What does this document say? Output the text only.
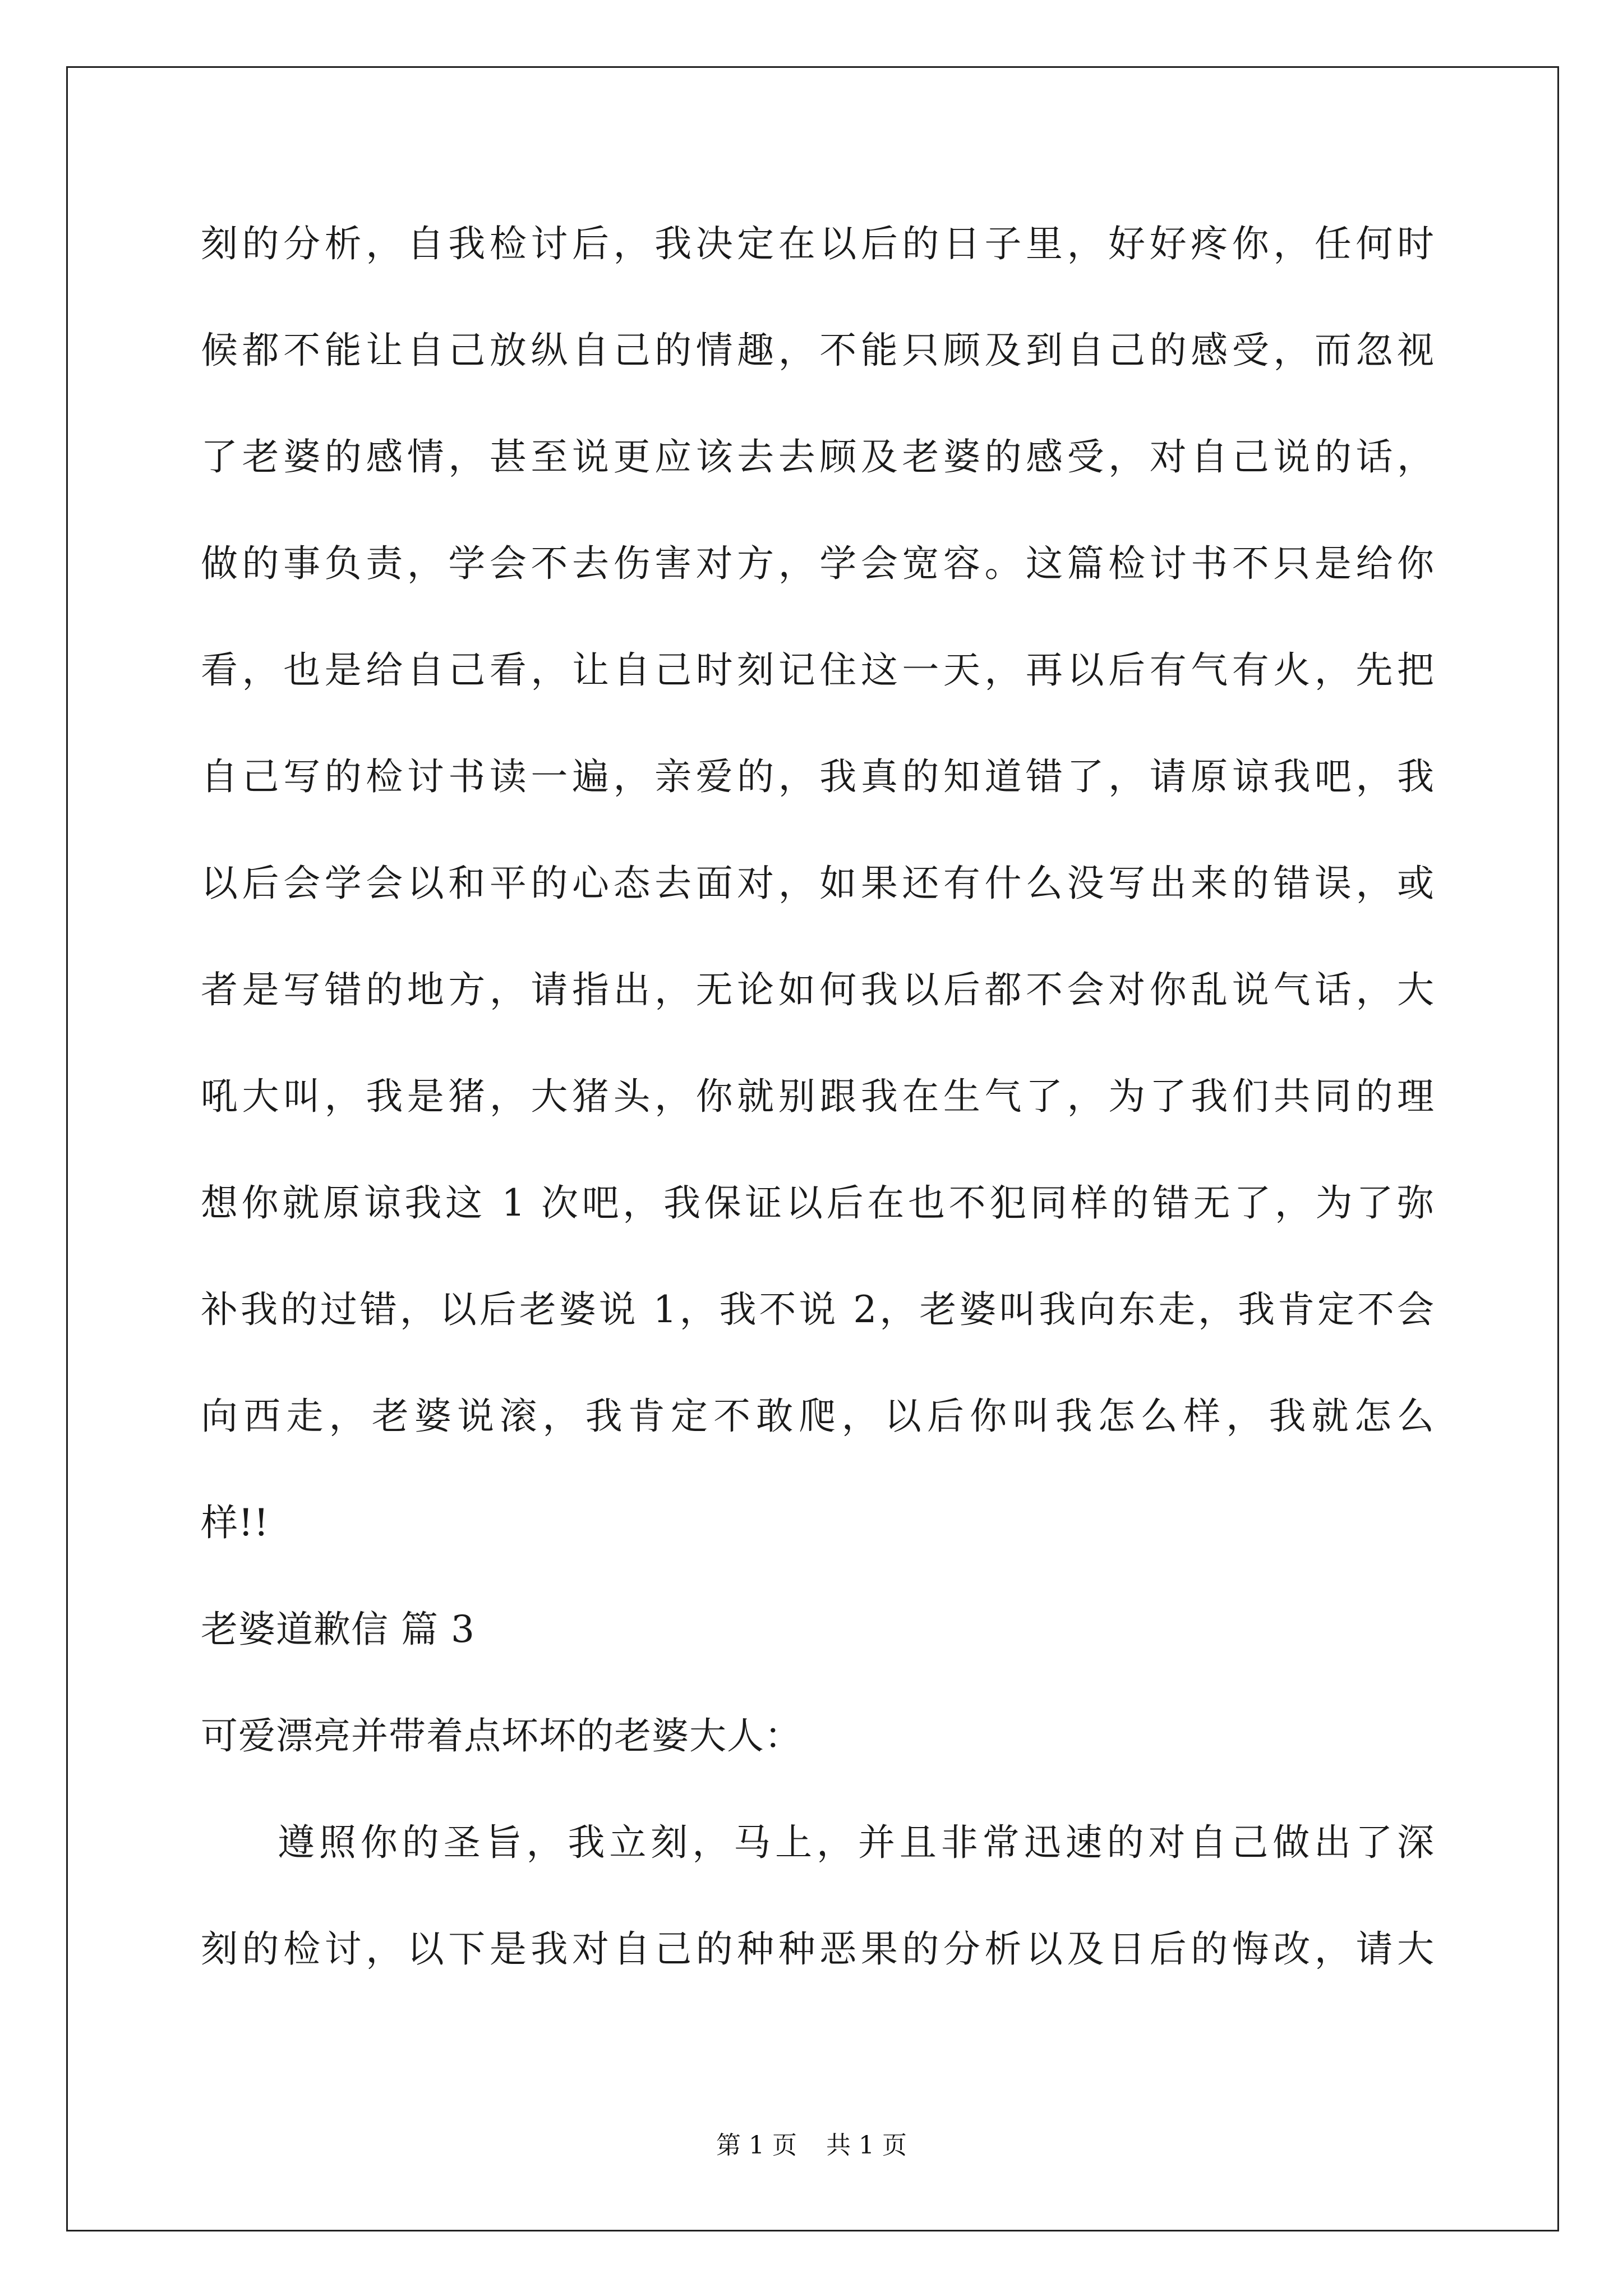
刻的分析，自我检讨后，我决定在以后的日子里，好好疼你，任何时
候都不能让自己放纵自己的情趣，不能只顾及到自己的感受，而忽视
了老婆的感情，甚至说更应该去去顾及老婆的感受，对自己说的话，
做的事负责，学会不去伤害对方，学会宽容。这篇检讨书不只是给你
看，也是给自己看，让自己时刻记住这一天，再以后有气有火，先把
自己写的检讨书读一遍，亲爱的，我真的知道错了，请原谅我吧，我
以后会学会以和平的心态去面对，如果还有什么没写出来的错误，或
者是写错的地方，请指出，无论如何我以后都不会对你乱说气话，大
吼大叫，我是猪，大猪头，你就别跟我在生气了，为了我们共同的理
想你就原谅我这 1 次吧，我保证以后在也不犯同样的错无了，为了弥
补我的过错，以后老婆说 1，我不说 2，老婆叫我向东走，我肯定不会
向西走，老婆说滚，我肯定不敢爬，以后你叫我怎么样，我就怎么
样!!
老婆道歉信 篇 3
可爱漂亮并带着点坏坏的老婆大人：
遵照你的圣旨，我立刻，马上，并且非常迅速的对自己做出了深
刻的检讨，以下是我对自己的种种恶果的分析以及日后的悔改，请大
第 1 页 共 1 页
